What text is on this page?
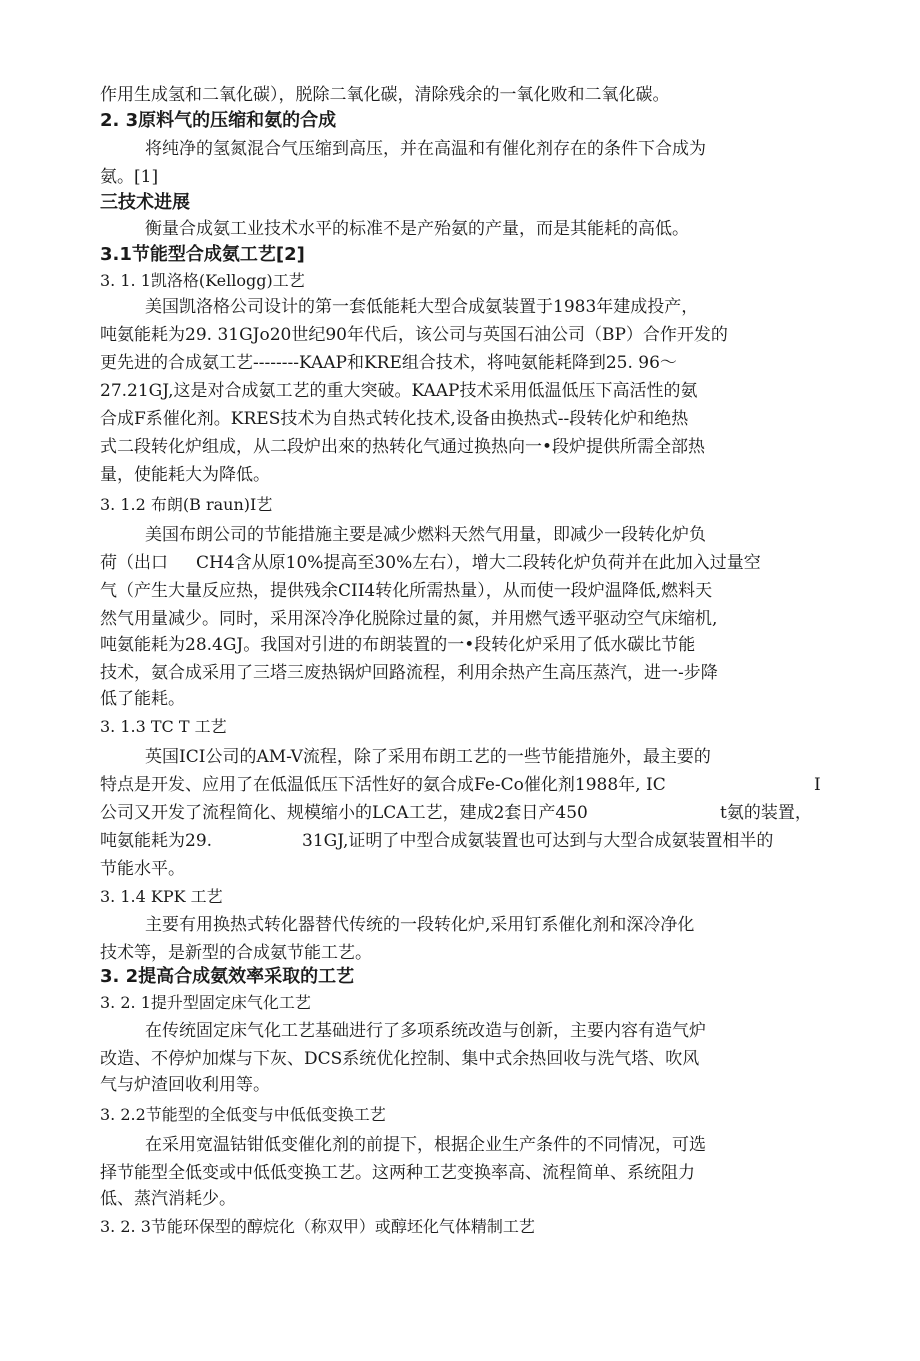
作用生成氢和二氧化碳），脱除二氧化碳，清除残余的一氧化败和二氧化碳。
2. 3原料气的压缩和氨的合成
将纯净的氢氮混合气压缩到高压，并在高温和有催化剂存在的条件下合成为
氨。[1]
三技术进展
衡量合成氨工业技术水平的标准不是产殆氨的产量，而是其能耗的高低。
3.1节能型合成氨工艺[2]
3. 1. 1凯洛格(Kellogg)工艺
美国凯洛格公司设计的第一套低能耗大型合成氨装置于1983年建成投产，
吨氨能耗为29. 31GJo20世纪90年代后，该公司与英国石油公司（BP）合作开发的
更先进的合成氨工艺--------KAAP和KRE组合技术，将吨氨能耗降到25. 96〜
27.21GJ,这是对合成氨工艺的重大突破。KAAP技术采用低温低压下高活性的氨
合成F系催化剂。KRES技术为自热式转化技术,设备由换热式--段转化炉和绝热
式二段转化炉组成，从二段炉出來的热转化气通过换热向一•段炉提供所需全部热
量，使能耗大为降低。
3. 1.2 布朗(B raun)I艺
美国布朗公司的节能措施主要是减少燃料天然气用量，即减少一段转化炉负
荷（出口 CH4含从原10%提高至30%左右），增大二段转化炉负荷并在此加入过量空
气（产生大量反应热，提供残余CII4转化所需热量），从而使一段炉温降低,燃料天
然气用量减少。同时，采用深冷净化脱除过量的氮，并用燃气透平驱动空气床缩机,
吨氨能耗为28.4GJ。我国对引进的布朗装置的一•段转化炉采用了低水碳比节能
技术，氨合成采用了三塔三废热锅炉回路流程，利用余热产生高压蒸汽，进一-步降
低了能耗。
3. 1.3 TC T 工艺
英国ICI公司的AM-V流程，除了采用布朗工艺的一些节能措施外，最主要的
特点是开发、应用了在低温低压下活性好的氨合成Fe-Co催化剂1988年, IC	I
公司又开发了流程简化、规模缩小的LCA工艺，建成2套日产450	t氨的装置，
吨氨能耗为29.	31GJ,证明了中型合成氨装置也可达到与大型合成氨装置相半的
节能水平。
3. 1.4 KPK 工艺
主要有用换热式转化器替代传统的一段转化炉,采用钉系催化剂和深冷净化
技术等，是新型的合成氨节能工艺。
3. 2提高合成氨效率采取的工艺
3. 2. 1提升型固定床气化工艺
在传统固定床气化工艺基础进行了多项系统改造与创新，主要内容有造气炉
改造、不停炉加煤与下灰、DCS系统优化控制、集中式余热回收与洗气塔、吹风
气与炉渣回收利用等。
3. 2.2节能型的全低变与中低低变换工艺
在采用宽温钴钳低变催化剂的前提下，根据企业生产条件的不同情况，可选
择节能型全低变或中低低变换工艺。这两种工艺变换率高、流程简单、系统阻力
低、蒸汽消耗少。
3. 2. 3节能环保型的醇烷化（称双甲）或醇坯化气体精制工艺
